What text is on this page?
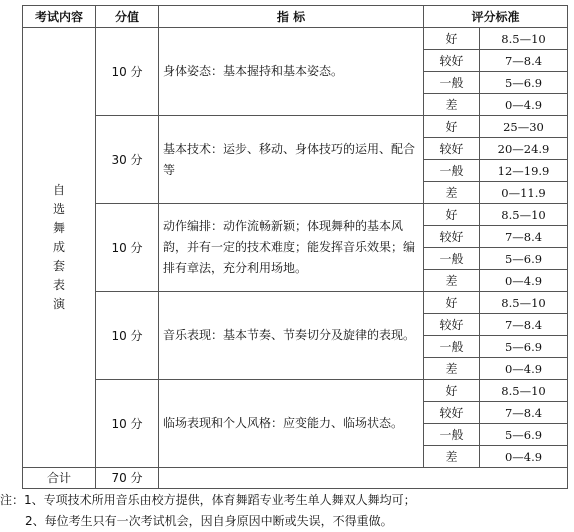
考试内容	分值	指 标	评分标准	
自选舞成套表演	10 分	身体姿态：基本握持和基本姿态。	好	8.5—10
			较好	7—8.4
			一般	5—6.9
			差	0—4.9
	30 分	基本技术：运步、移动、身体技巧的运用、配合等	好	25—30
			较好	20—24.9
			一般	12—19.9
			差	0—11.9
	10 分	动作编排：动作流畅新颖；体现舞种的基本风韵，并有一定的技术难度；能发挥音乐效果；编排有章法，充分利用场地。	好	8.5—10
			较好	7—8.4
			一般	5—6.9
			差	0—4.9
	10 分	音乐表现：基本节奏、节奏切分及旋律的表现。	好	8.5—10
			较好	7—8.4
			一般	5—6.9
			差	0—4.9
	10 分	临场表现和个人风格：应变能力、临场状态。	好	8.5—10
			较好	7—8.4
			一般	5—6.9
			差	0—4.9
合计	70 分			
注：1、专项技术所用音乐由校方提供，体育舞蹈专业考生单人舞双人舞均可；
2、每位考生只有一次考试机会，因自身原因中断或失误，不得重做。
